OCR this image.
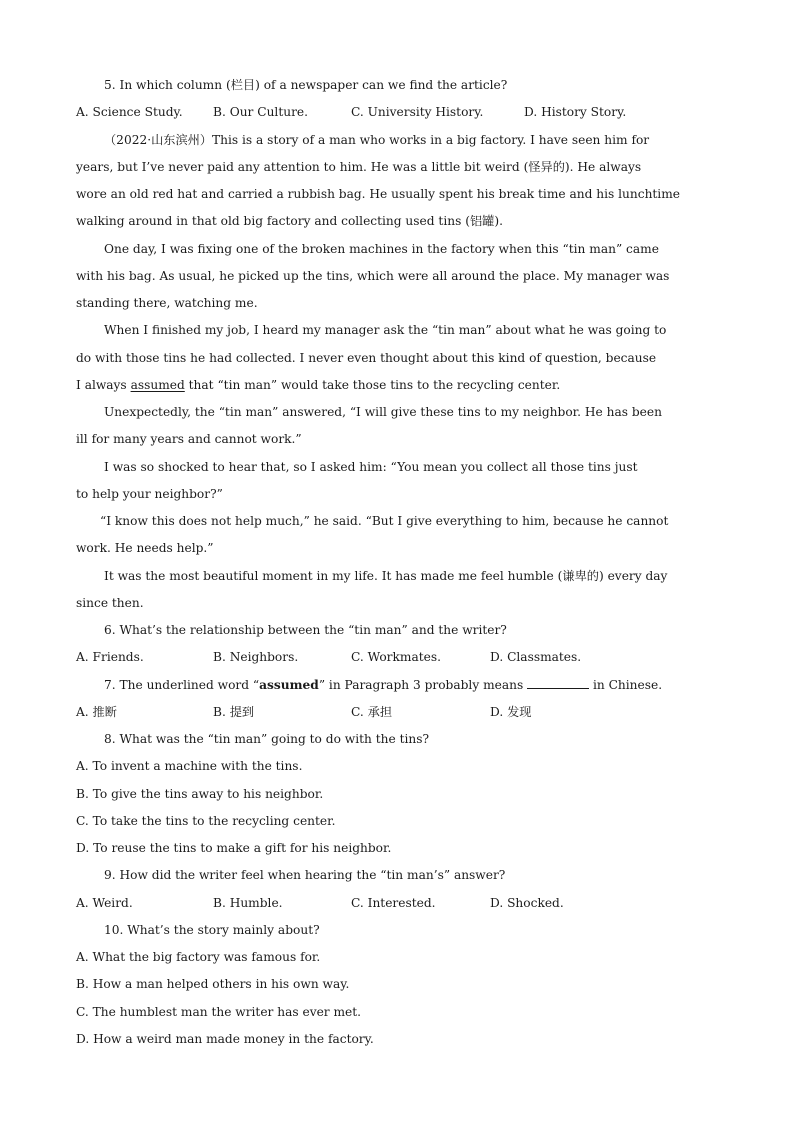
5. In which column (栏目) of a newspaper can we find the article?
A. Science Study. B. Our Culture.	C. University History.	D. History Story.
（2022·山东滨州）This is a story of a man who works in a big factory. I have seen him for
years, but I’ve never paid any attention to him. He was a little bit weird (怪异的). He always
wore an old red hat and carried a rubbish bag. He usually spent his break time and his lunchtime
walking around in that old big factory and collecting used tins (铝罐).
One day, I was fixing one of the broken machines in the factory when this “tin man” came
with his bag. As usual, he picked up the tins, which were all around the place. My manager was
standing there, watching me.
When I finished my job, I heard my manager ask the “tin man” about what he was going to
do with those tins he had collected. I never even thought about this kind of question, because
I always assumed that “tin man” would take those tins to the recycling center.
Unexpectedly, the “tin man” answered, “I will give these tins to my neighbor. He has been
ill for many years and cannot work.”
I was so shocked to hear that, so I asked him: “You mean you collect all those tins just
to help your neighbor?”
“I know this does not help much,” he said. “But I give everything to him, because he cannot
work. He needs help.”
It was the most beautiful moment in my life. It has made me feel humble (谦卑的) every day
since then.
6. What’s the relationship between the “tin man” and the writer?
A. Friends.	B. Neighbors.	C. Workmates.	D. Classmates.
7. The underlined word “assumed” in Paragraph 3 probably means	in Chinese.
A. 推断	B. 提到	C. 承担	D. 发现
8. What was the “tin man” going to do with the tins?
A. To invent a machine with the tins.
B. To give the tins away to his neighbor.
C. To take the tins to the recycling center.
D. To reuse the tins to make a gift for his neighbor.
9. How did the writer feel when hearing the “tin man’s” answer?
A. Weird.	B. Humble.	C. Interested.	D. Shocked.
10. What’s the story mainly about?
A. What the big factory was famous for.
B. How a man helped others in his own way.
C. The humblest man the writer has ever met.
D. How a weird man made money in the factory.
